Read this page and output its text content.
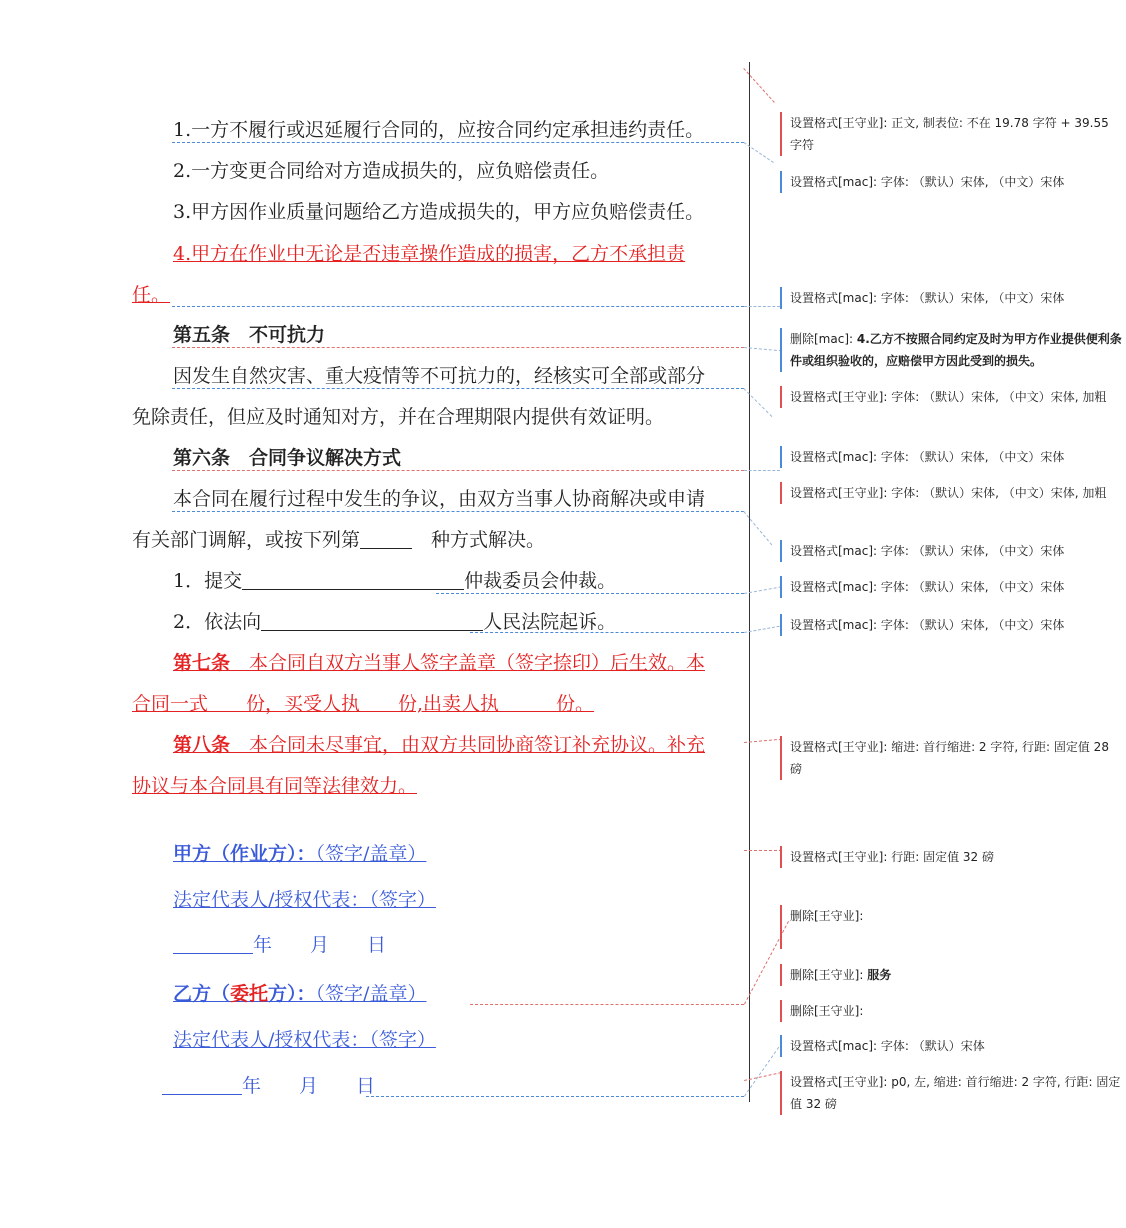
1.一方不履行或迟延履行合同的，应按合同约定承担违约责任。
2.一方变更合同给对方造成损失的，应负赔偿责任。
3.甲方因作业质量问题给乙方造成损失的，甲方应负赔偿责任。
4.甲方在作业中无论是否违章操作造成的损害，乙方不承担责
任。
第五条　不可抗力
因发生自然灾害、重大疫情等不可抗力的，经核实可全部或部分
免除责任，但应及时通知对方，并在合理期限内提供有效证明。
第六条　合同争议解决方式
本合同在履行过程中发生的争议，由双方当事人协商解决或申请
有关部门调解，或按下列第　	种方式解决。
1．提交	仲裁委员会仲裁。
2．依法向	人民法院起诉。
第七条　本合同自双方当事人签字盖章（签字捺印）后生效。本
合同一式　　份，买受人执　　份,出卖人执　　　份。
第八条　本合同未尽事宜，由双方共同协商签订补充协议。补充
协议与本合同具有同等法律效力。
甲方（作业方）：（签字/盖章）
法定代表人/授权代表：（签字）
年　　月　　日
乙方（委托方）：（签字/盖章）
法定代表人/授权代表：（签字）
年　　月　　日
设置格式[王守业]: 正文, 制表位: 不在 19.78 字符 + 39.55 字符
设置格式[mac]: 字体: （默认）宋体, （中文）宋体
设置格式[mac]: 字体: （默认）宋体, （中文）宋体
删除[mac]: 4.乙方不按照合同约定及时为甲方作业提供便利条件或组织验收的，应赔偿甲方因此受到的损失。
设置格式[王守业]: 字体: （默认）宋体, （中文）宋体, 加粗
设置格式[mac]: 字体: （默认）宋体, （中文）宋体
设置格式[王守业]: 字体: （默认）宋体, （中文）宋体, 加粗
设置格式[mac]: 字体: （默认）宋体, （中文）宋体
设置格式[mac]: 字体: （默认）宋体, （中文）宋体
设置格式[mac]: 字体: （默认）宋体, （中文）宋体
设置格式[王守业]: 缩进: 首行缩进: 2 字符, 行距: 固定值 28 磅
设置格式[王守业]: 行距: 固定值 32 磅
删除[王守业]:
删除[王守业]: 服务
删除[王守业]:
设置格式[mac]: 字体: （默认）宋体
设置格式[王守业]: p0, 左, 缩进: 首行缩进: 2 字符, 行距: 固定值 32 磅
